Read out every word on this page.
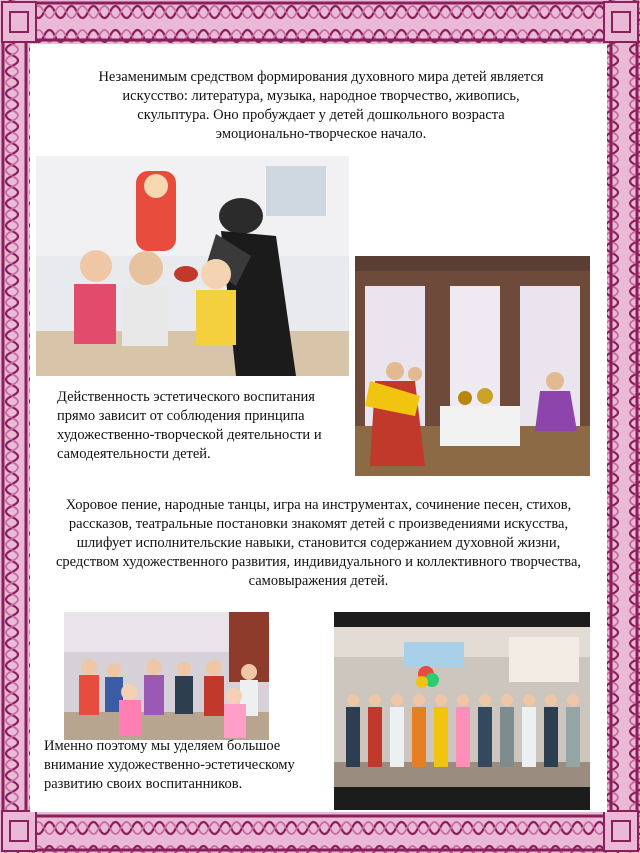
Незаменимым средством формирования духовного мира детей является искусство: литература, музыка, народное творчество, живопись, скульптура. Оно пробуждает у детей дошкольного возраста эмоционально-творческое начало.
Действенность эстетического воспитания прямо зависит от соблюдения принципа художественно-творческой деятельности и самодеятельности детей.
Хоровое пение, народные танцы, игра на инструментах, сочинение песен, стихов, рассказов, театральные постановки знакомят детей с произведениями искусства, шлифует исполнительские навыки, становится содержанием духовной жизни, средством художественного развития, индивидуального и коллективного творчества, самовыражения детей.
Именно поэтому мы уделяем большое внимание художественно-эстетическому развитию своих воспитанников.
